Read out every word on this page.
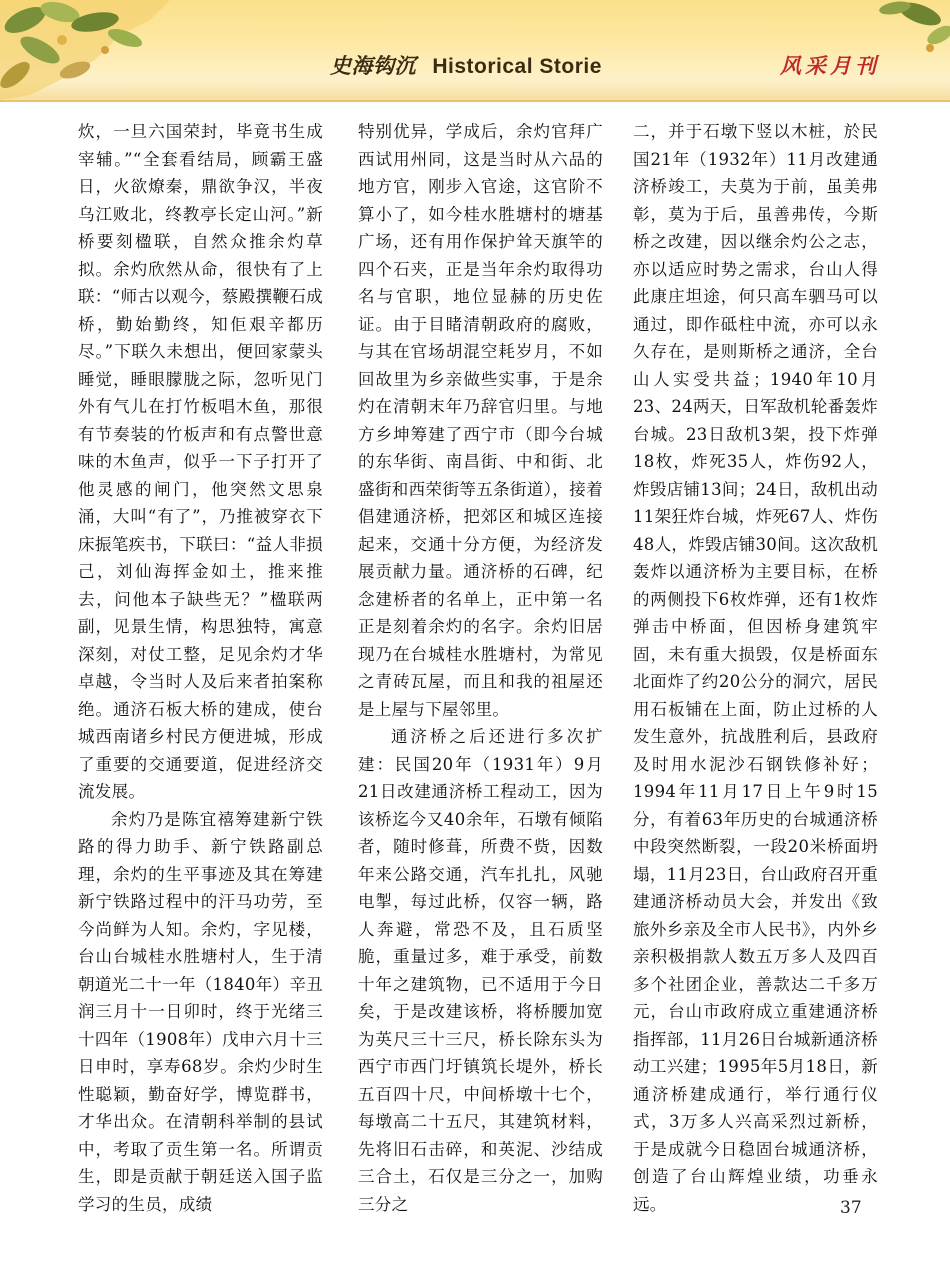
史海钩沉 Historical Storie	风采月刊

炊，一旦六国荣封，毕竟书生成宰辅。”“全套看结局，顾霸王盛日，火欲燎秦，鼎欲争汉，半夜乌江败北，终教亭长定山河。”新桥要刻楹联，自然众推余灼草拟。余灼欣然从命，很快有了上联：“师古以观今，蔡殿撰鞭石成桥，勤始勤终，知佢艰辛都历尽。”下联久未想出，便回家蒙头睡觉，睡眼朦胧之际，忽听见门外有气儿在打竹板唱木鱼，那很有节奏装的竹板声和有点警世意味的木鱼声，似乎一下子打开了他灵感的闸门，他突然文思泉涌，大叫“有了”，乃推被穿衣下床振笔疾书，下联曰：“益人非损己，刘仙海挥金如土，推来推去，问他本子缺些无？”楹联两副，见景生情，构思独特，寓意深刻，对仗工整，足见余灼才华卓越，令当时人及后来者拍案称绝。通济石板大桥的建成，使台城西南诸乡村民方便进城，形成了重要的交通要道，促进经济交流发展。

余灼乃是陈宜禧筹建新宁铁路的得力助手、新宁铁路副总理，余灼的生平事迹及其在筹建新宁铁路过程中的汗马功劳，至今尚鲜为人知。余灼，字见楼，台山台城桂水胜塘村人，生于清朝道光二十一年（1840年）辛丑润三月十一日卯时，终于光绪三十四年（1908年）戊申六月十三日申时，享寿68岁。余灼少时生性聪颖，勤奋好学，博览群书，才华出众。在清朝科举制的县试中，考取了贡生第一名。所谓贡生，即是贡献于朝廷送入国子监学习的生员，成绩

特别优异，学成后，余灼官拜广西试用州同，这是当时从六品的地方官，刚步入官途，这官阶不算小了，如今桂水胜塘村的塘基广场，还有用作保护耸天旗竿的四个石夹，正是当年余灼取得功名与官职，地位显赫的历史佐证。由于目睹清朝政府的腐败，与其在官场胡混空耗岁月，不如回故里为乡亲做些实事，于是余灼在清朝末年乃辞官归里。与地方乡坤筹建了西宁市（即今台城的东华街、南昌街、中和街、北盛街和西荣街等五条街道），接着倡建通济桥，把郊区和城区连接起来，交通十分方便，为经济发展贡献力量。通济桥的石碑，纪念建桥者的名单上，正中第一名正是刻着余灼的名字。余灼旧居现乃在台城桂水胜塘村，为常见之青砖瓦屋，而且和我的祖屋还是上屋与下屋邻里。

通济桥之后还进行多次扩建：民国20年（1931年）9月21日改建通济桥工程动工，因为该桥迄今又40余年，石墩有倾陷者，随时修葺，所费不赀，因数年来公路交通，汽车扎扎，风驰电掣，每过此桥，仅容一辆，路人奔避，常恐不及，且石质坚脆，重量过多，难于承受，前数十年之建筑物，已不适用于今日矣，于是改建该桥，将桥腰加宽为英尺三十三尺，桥长除东头为西宁市西门圩镇筑长堤外，桥长五百四十尺，中间桥墩十七个，每墩高二十五尺，其建筑材料，先将旧石击碎，和英泥、沙结成三合土，石仅是三分之一，加购三分之

二，并于石墩下竖以木桩，於民国21年（1932年）11月改建通济桥竣工，夫莫为于前，虽美弗彰，莫为于后，虽善弗传，今斯桥之改建，因以继余灼公之志，亦以适应时势之需求，台山人得此康庄坦途，何只高车驷马可以通过，即作砥柱中流，亦可以永久存在，是则斯桥之通济，全台山人实受共益；1940年10月23、24两天，日军敌机轮番轰炸台城。23日敌机3架，投下炸弹18枚，炸死35人，炸伤92人，炸毁店铺13间；24日，敌机出动11架狂炸台城，炸死67人、炸伤48人，炸毁店铺30间。这次敌机轰炸以通济桥为主要目标，在桥的两侧投下6枚炸弹，还有1枚炸弹击中桥面，但因桥身建筑牢固，未有重大损毁，仅是桥面东北面炸了约20公分的洞穴，居民用石板铺在上面，防止过桥的人发生意外，抗战胜利后，县政府及时用水泥沙石钢铁修补好；1994年11月17日上午9时15分，有着63年历史的台城通济桥中段突然断裂，一段20米桥面坍塌，11月23日，台山政府召开重建通济桥动员大会，并发出《致旅外乡亲及全市人民书》，内外乡亲积极捐款人数五万多人及四百多个社团企业，善款达二千多万元，台山市政府成立重建通济桥指挥部，11月26日台城新通济桥动工兴建；1995年5月18日，新通济桥建成通行，举行通行仪式，3万多人兴高采烈过新桥，于是成就今日稳固台城通济桥，创造了台山辉煌业绩，功垂永远。	37
